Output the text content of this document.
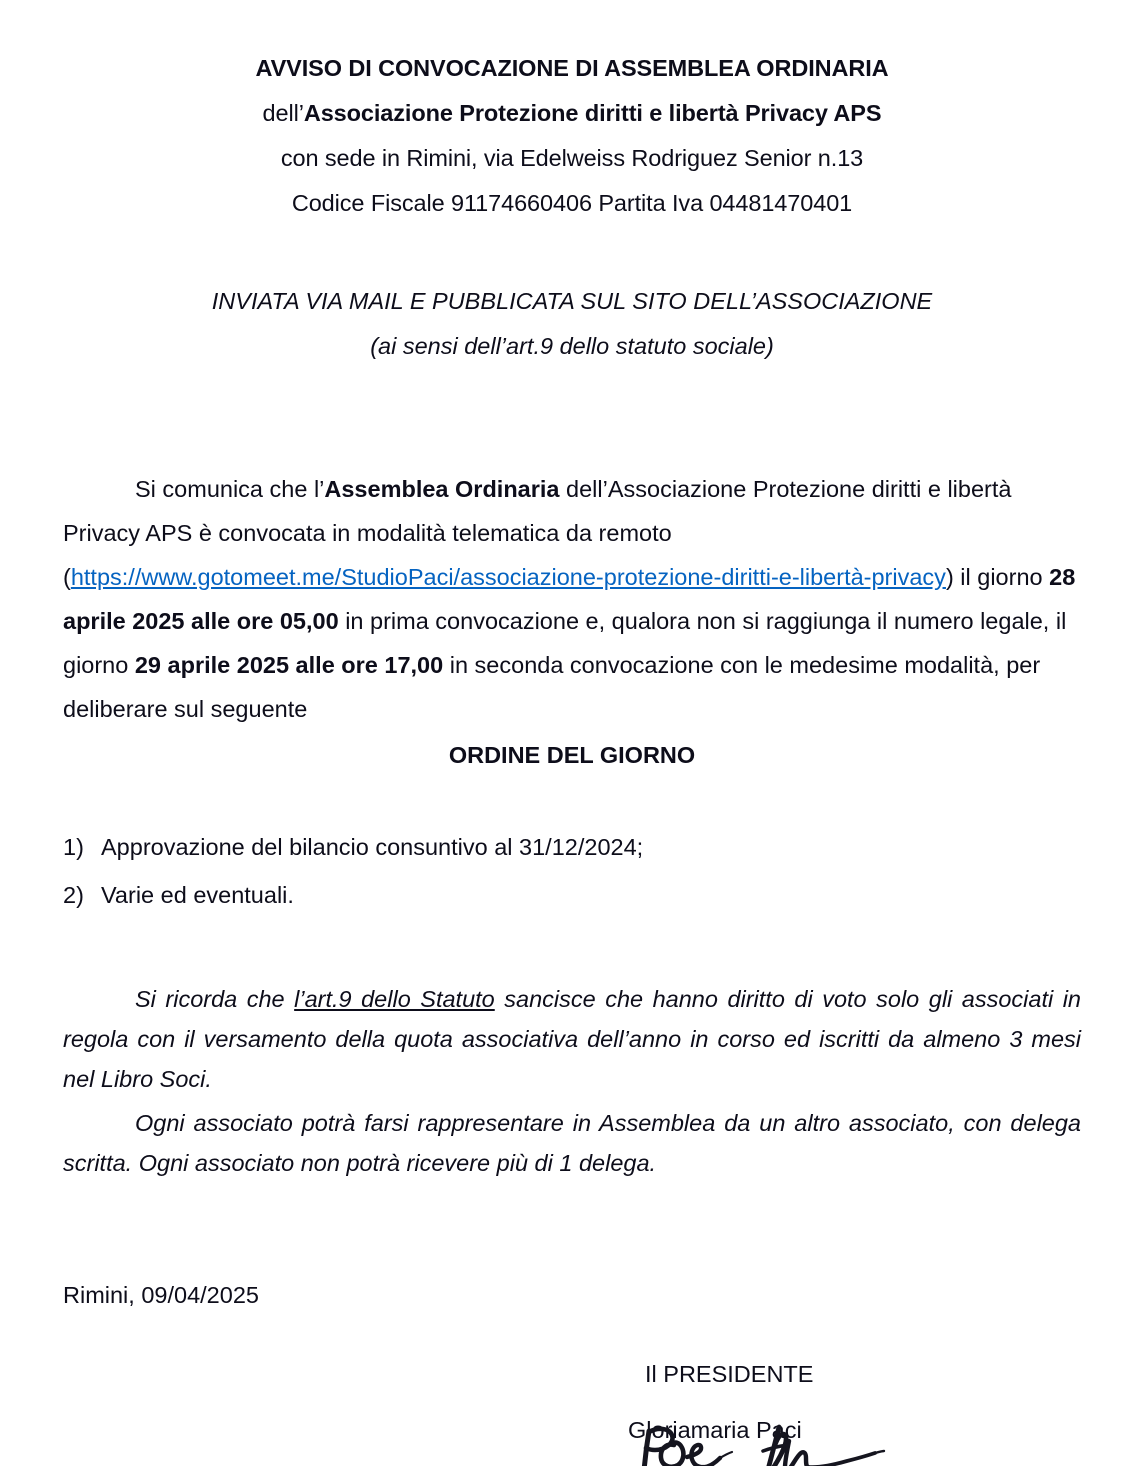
AVVISO DI CONVOCAZIONE DI ASSEMBLEA ORDINARIA
dell’Associazione Protezione diritti e libertà Privacy APS
con sede in Rimini, via Edelweiss Rodriguez Senior n.13
Codice Fiscale 91174660406 Partita Iva 04481470401
INVIATA VIA MAIL E PUBBLICATA SUL SITO DELL’ASSOCIAZIONE
(ai sensi dell’art.9 dello statuto sociale)

Si comunica che l’Assemblea Ordinaria dell’Associazione Protezione diritti e libertà Privacy APS è convocata in modalità telematica da remoto (https://www.gotomeet.me/StudioPaci/associazione-protezione-diritti-e-libertà-privacy) il giorno 28 aprile 2025 alle ore 05,00 in prima convocazione e, qualora non si raggiunga il numero legale, il giorno 29 aprile 2025 alle ore 17,00 in seconda convocazione con le medesime modalità, per deliberare sul seguente

ORDINE DEL GIORNO
1) Approvazione del bilancio consuntivo al 31/12/2024;
2) Varie ed eventuali.

Si ricorda che l’art.9 dello Statuto sancisce che hanno diritto di voto solo gli associati in regola con il versamento della quota associativa dell’anno in corso ed iscritti da almeno 3 mesi nel Libro Soci.

Ogni associato potrà farsi rappresentare in Assemblea da un altro associato, con delega scritta. Ogni associato non potrà ricevere più di 1 delega.

Rimini, 09/04/2025
Il PRESIDENTE
Gloriamaria Paci
